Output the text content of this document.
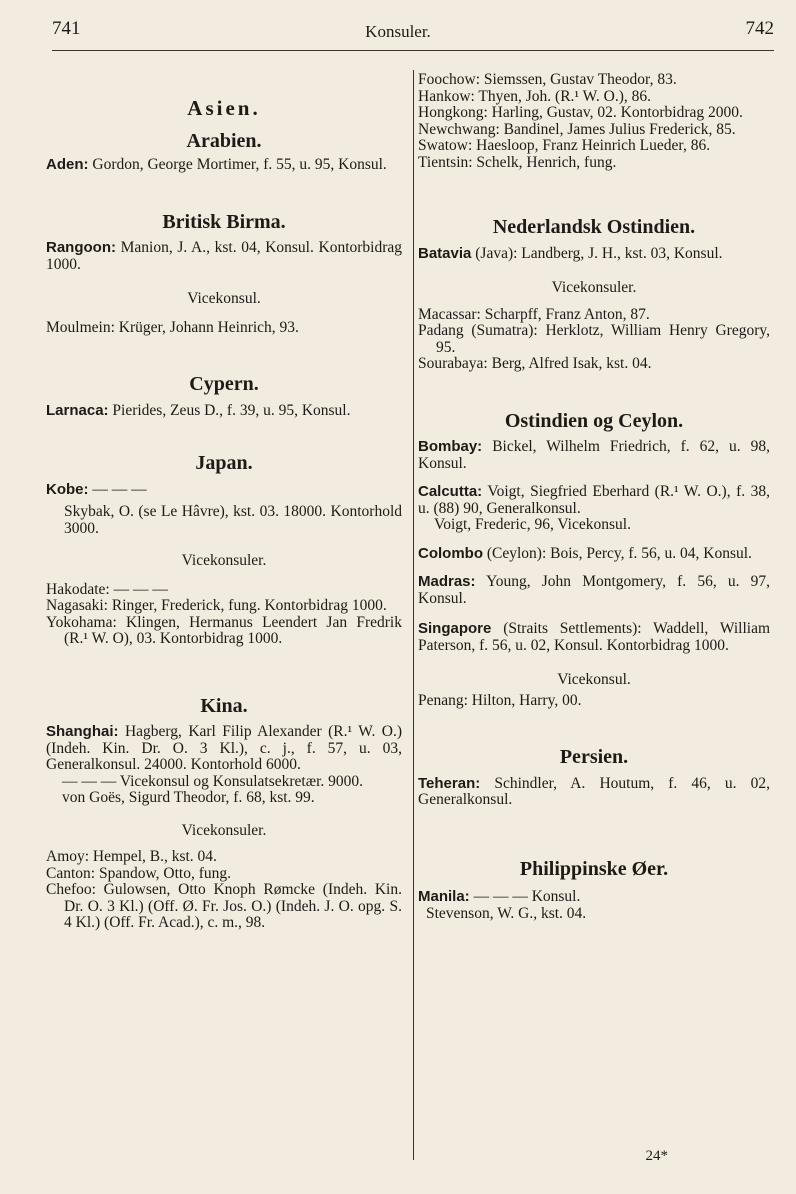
741	Konsuler.	742

Asien.

Arabien.

Aden: Gordon, George Mortimer, f. 55, u. 95, Konsul.

Britisk Birma.

Rangoon: Manion, J. A., kst. 04, Konsul. Kontorbidrag 1000.

Vicekonsul.

Moulmein: Krüger, Johann Heinrich, 93.

Cypern.

Larnaca: Pierides, Zeus D., f. 39, u. 95, Konsul.

Japan.

Kobe: — — —

Skybak, O. (se Le Hâvre), kst. 03. 18000. Kontorhold 3000.

Vicekonsuler.

Hakodate: — — —

Nagasaki: Ringer, Frederick, fung. Kontorbidrag 1000.

Yokohama: Klingen, Hermanus Leendert Jan Fredrik (R.¹ W. O), 03. Kontorbidrag 1000.

Kina.

Shanghai: Hagberg, Karl Filip Alexander (R.¹ W. O.) (Indeh. Kin. Dr. O. 3 Kl.), c. j., f. 57, u. 03, Generalkonsul. 24000. Kontorhold 6000.

— — — Vicekonsul og Konsulatsekretær. 9000.

von Goës, Sigurd Theodor, f. 68, kst. 99.

Vicekonsuler.

Amoy: Hempel, B., kst. 04.

Canton: Spandow, Otto, fung.

Chefoo: Gulowsen, Otto Knoph Rømcke (Indeh. Kin. Dr. O. 3 Kl.) (Off. Ø. Fr. Jos. O.) (Indeh. J. O. opg. S. 4 Kl.) (Off. Fr. Acad.), c. m., 98.

Foochow: Siemssen, Gustav Theodor, 83.

Hankow: Thyen, Joh. (R.¹ W. O.), 86.

Hongkong: Harling, Gustav, 02. Kontorbidrag 2000.

Newchwang: Bandinel, James Julius Frederick, 85.

Swatow: Haesloop, Franz Heinrich Lueder, 86.

Tientsin: Schelk, Henrich, fung.

Nederlandsk Ostindien.

Batavia (Java): Landberg, J. H., kst. 03, Konsul.

Vicekonsuler.

Macassar: Scharpff, Franz Anton, 87.

Padang (Sumatra): Herklotz, William Henry Gregory, 95.

Sourabaya: Berg, Alfred Isak, kst. 04.

Ostindien og Ceylon.

Bombay: Bickel, Wilhelm Friedrich, f. 62, u. 98, Konsul.

Calcutta: Voigt, Siegfried Eberhard (R.¹ W. O.), f. 38, u. (88) 90, Generalkonsul.

Voigt, Frederic, 96, Vicekonsul.

Colombo (Ceylon): Bois, Percy, f. 56, u. 04, Konsul.

Madras: Young, John Montgomery, f. 56, u. 97, Konsul.

Singapore (Straits Settlements): Waddell, William Paterson, f. 56, u. 02, Konsul. Kontorbidrag 1000.

Vicekonsul.

Penang: Hilton, Harry, 00.

Persien.

Teheran: Schindler, A. Houtum, f. 46, u. 02, Generalkonsul.

Philippinske Øer.

Manila: — — — Konsul.

Stevenson, W. G., kst. 04.

24*
